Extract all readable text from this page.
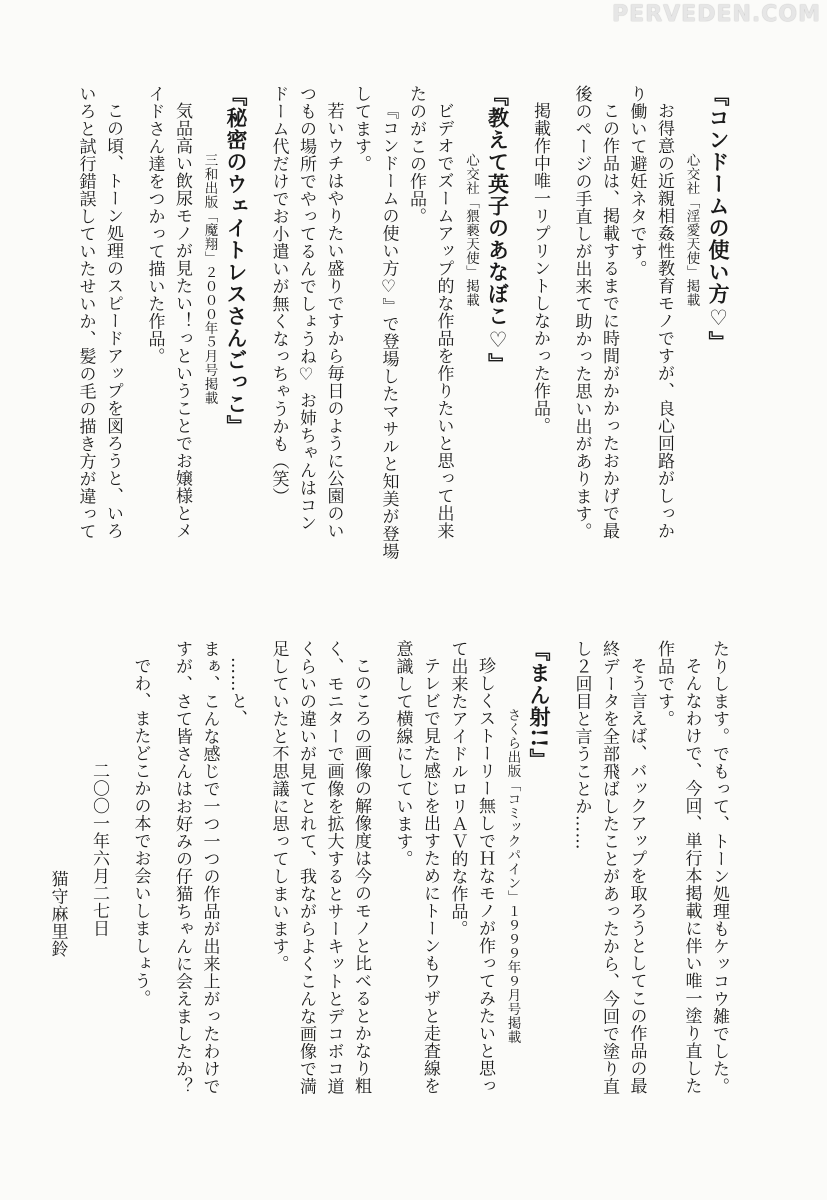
PERVEDEN.COM
『コンドームの使い方♡』
心交社「淫愛天使」掲載
お得意の近親相姦性教育モノですが、良心回路がしっか
り働いて避妊ネタです。
この作品は、掲載するまでに時間がかかったおかげで最
後のページの手直しが出来て助かった思い出があります。
掲載作中唯一リプリントしなかった作品。
『教えて英子のあなぼこ♡』
心交社「猥褻天使」掲載
ビデオでズームアップ的な作品を作りたいと思って出来
たのがこの作品。
『コンドームの使い方♡』で登場したマサルと知美が登場
してます。
若いウチはやりたい盛りですから毎日のように公園のい
つもの場所でやってるんでしょうね♡ お姉ちゃんはコン
ドーム代だけでお小遣いが無くなっちゃうかも（笑）
『秘密のウェイトレスさんごっこ』
三和出版「魔翔」２０００年５月号掲載
気品高い飲尿モノが見たい！っということでお嬢様とメ
イドさん達をつかって描いた作品。
この頃、トーン処理のスピードアップを図ろうと、いろ
いろと試行錯誤していたせいか、髪の毛の描き方が違って
たりします。でもって、トーン処理もケッコウ雑でした。
そんなわけで、今回、単行本掲載に伴い唯一塗り直した
作品です。
そう言えば、バックアップを取ろうとしてこの作品の最
終データを全部飛ばしたことがあったから、今回で塗り直
し２回目と言うことか……
『まん射!!』
さくら出版「コミックパイン」１９９９年９月号掲載
珍しくストーリー無しでＨなモノが作ってみたいと思っ
て出来たアイドルロリＡＶ的な作品。
テレビで見た感じを出すためにトーンもワザと走査線を
意識して横線にしています。
このころの画像の解像度は今のモノと比べるとかなり粗
く、モニターで画像を拡大するとサーキットとデコボコ道
くらいの違いが見てとれて、我ながらよくこんな画像で満
足していたと不思議に思ってしまいます。
……と、
まぁ、こんな感じで一つ一つの作品が出来上がったわけで
すが、さて皆さんはお好みの仔猫ちゃんに会えましたか？
でわ、またどこかの本でお会いしましょう。
二〇〇一年六月二七日
猫守麻里鈴
